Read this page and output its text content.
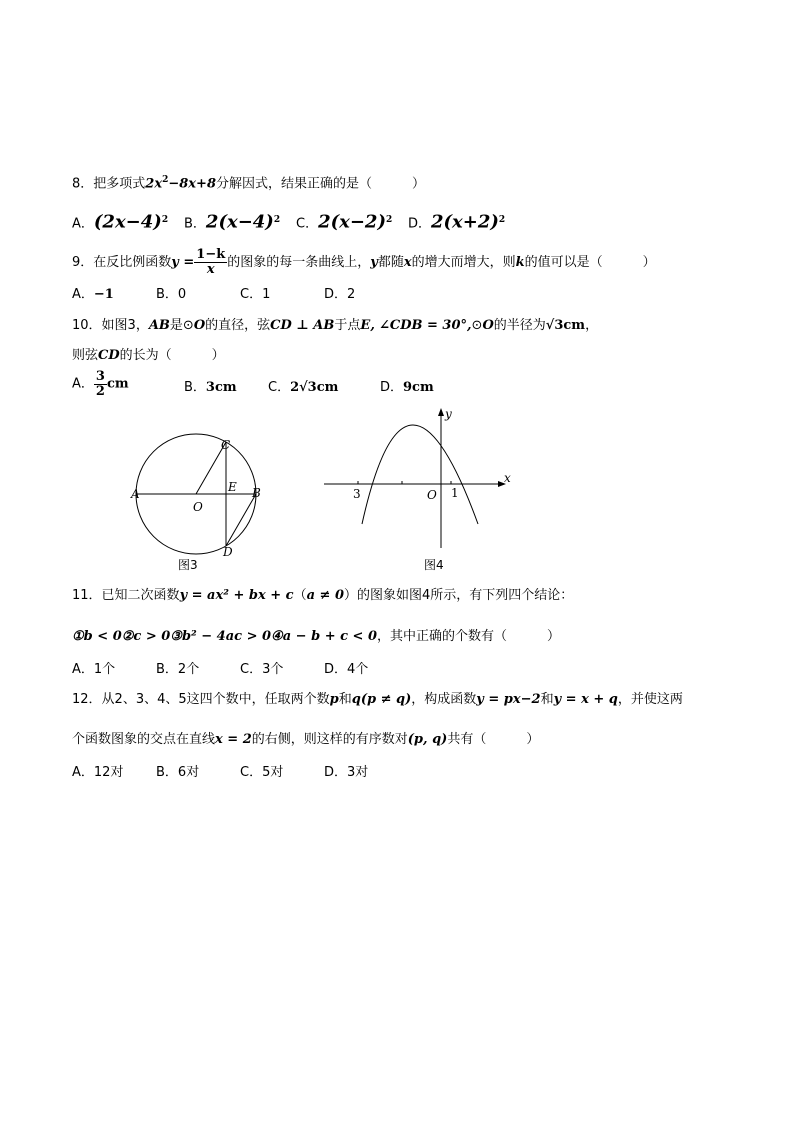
8．把多项式$2x^2-8x+8$分解因式，结果正确的是（	）
A．$(2x-4)^2$ B．$2(x-4)^2$ C．$2(x-2)^2$ D．$2(x+2)^2$
9．在反比例函数$y = \frac{1-k}{x}$ 的图象的每一条曲线上，y都随x的增大而增大，则k的值可以是（	）
A．−1	B．0	C．1	D．2
10．如图3，AB是⊙O的直径，弦CD ⊥ AB于点E, ∠CDB = 30°,⊙O的半径为√3cm，
则弦CD的长为（	）
A． $\frac{3}{2}$ cm	B．3cm C．2√3cm	D．9cm
A	B
C
D
E
O
图3
y
x
O
3	1
图4
11．已知二次函数y = ax² + bx + c（a ≠ 0）的图象如图4所示，有下列四个结论：
①b < 0②c > 0③b² − 4ac > 0④a − b + c < 0，其中正确的个数有（	）
A．1个	B．2个	C．3个	D．4个
12．从2、3、4、5这四个数中，任取两个数p和q(p ≠ q)，构成函数y = px−2和y = x + q，并使这两
个函数图象的交点在直线x = 2的右侧，则这样的有序数对(p, q)共有（	）
A．12对	B．6对	C．5对	D．3对
